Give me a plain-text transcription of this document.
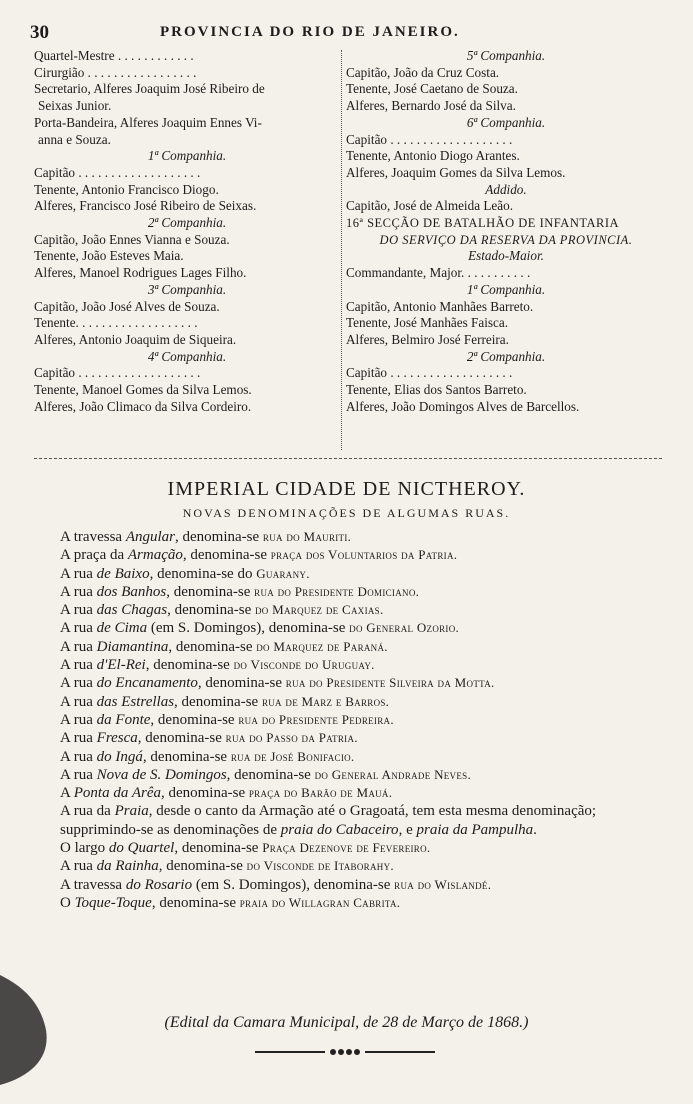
30	PROVINCIA DO RIO DE JANEIRO.
Quartel-Mestre . . . . . . . . . . . .
Cirurgião . . . . . . . . . . . . . . . . .
Secretario, Alferes Joaquim José Ribeiro de
Seixas Junior.
Porta-Bandeira, Alferes Joaquim Ennes Vi-
anna e Souza.
1ª Companhia.
Capitão . . . . . . . . . . . . . . . . . . .
Tenente, Antonio Francisco Diogo.
Alferes, Francisco José Ribeiro de Seixas.
2ª Companhia.
Capitão, João Ennes Vianna e Souza.
Tenente, João Esteves Maia.
Alferes, Manoel Rodrigues Lages Filho.
3ª Companhia.
Capitão, João José Alves de Souza.
Tenente. . . . . . . . . . . . . . . . . . .
Alferes, Antonio Joaquim de Siqueira.
4ª Companhia.
Capitão . . . . . . . . . . . . . . . . . . .
Tenente, Manoel Gomes da Silva Lemos.
Alferes, João Climaco da Silva Cordeiro.
5ª Companhia.
Capitão, João da Cruz Costa.
Tenente, José Caetano de Souza.
Alferes, Bernardo José da Silva.
6ª Companhia.
Capitão . . . . . . . . . . . . . . . . . . .
Tenente, Antonio Diogo Arantes.
Alferes, Joaquim Gomes da Silva Lemos.
Addido.
Capitão, José de Almeida Leão.
16ª SECÇÃO DE BATALHÃO DE INFANTARIA
DO SERVIÇO DA RESERVA DA PROVINCIA.
Estado-Maior.
Commandante, Major. . . . . . . . . . .
1ª Companhia.
Capitão, Antonio Manhães Barreto.
Tenente, José Manhães Faisca.
Alferes, Belmiro José Ferreira.
2ª Companhia.
Capitão . . . . . . . . . . . . . . . . . . .
Tenente, Elias dos Santos Barreto.
Alferes, João Domingos Alves de Barcellos.
IMPERIAL CIDADE DE NICTHEROY.
NOVAS DENOMINAÇÕES DE ALGUMAS RUAS.
A travessa Angular, denomina-se rua do Mauriti.
A praça da Armação, denomina-se praça dos Voluntarios da Patria.
A rua de Baixo, denomina-se do Guarany.
A rua dos Banhos, denomina-se rua do Presidente Domiciano.
A rua das Chagas, denomina-se do Marquez de Caxias.
A rua de Cima (em S. Domingos), denomina-se do General Ozorio.
A rua Diamantina, denomina-se do Marquez de Paraná.
A rua d'El-Rei, denomina-se do Visconde do Uruguay.
A rua do Encanamento, denomina-se rua do Presidente Silveira da Motta.
A rua das Estrellas, denomina-se rua de Marz e Barros.
A rua da Fonte, denomina-se rua do Presidente Pedreira.
A rua Fresca, denomina-se rua do Passo da Patria.
A rua do Ingá, denomina-se rua de José Bonifacio.
A rua Nova de S. Domingos, denomina-se do General Andrade Neves.
A Ponta da Arêa, denomina-se praça do Barão de Mauá.
A rua da Praia, desde o canto da Armação até o Gragoatá, tem esta mesma denominação; supprimindo-se as denominações de praia do Cabaceiro, e praia da Pampulha.
O largo do Quartel, denomina-se Praça Dezenove de Fevereiro.
A rua da Rainha, denomina-se do Visconde de Itaborahy.
A travessa do Rosario (em S. Domingos), denomina-se rua do Wislandé.
O Toque-Toque, denomina-se praia do Willagran Cabrita.
(Edital da Camara Municipal, de 28 de Março de 1868.)
